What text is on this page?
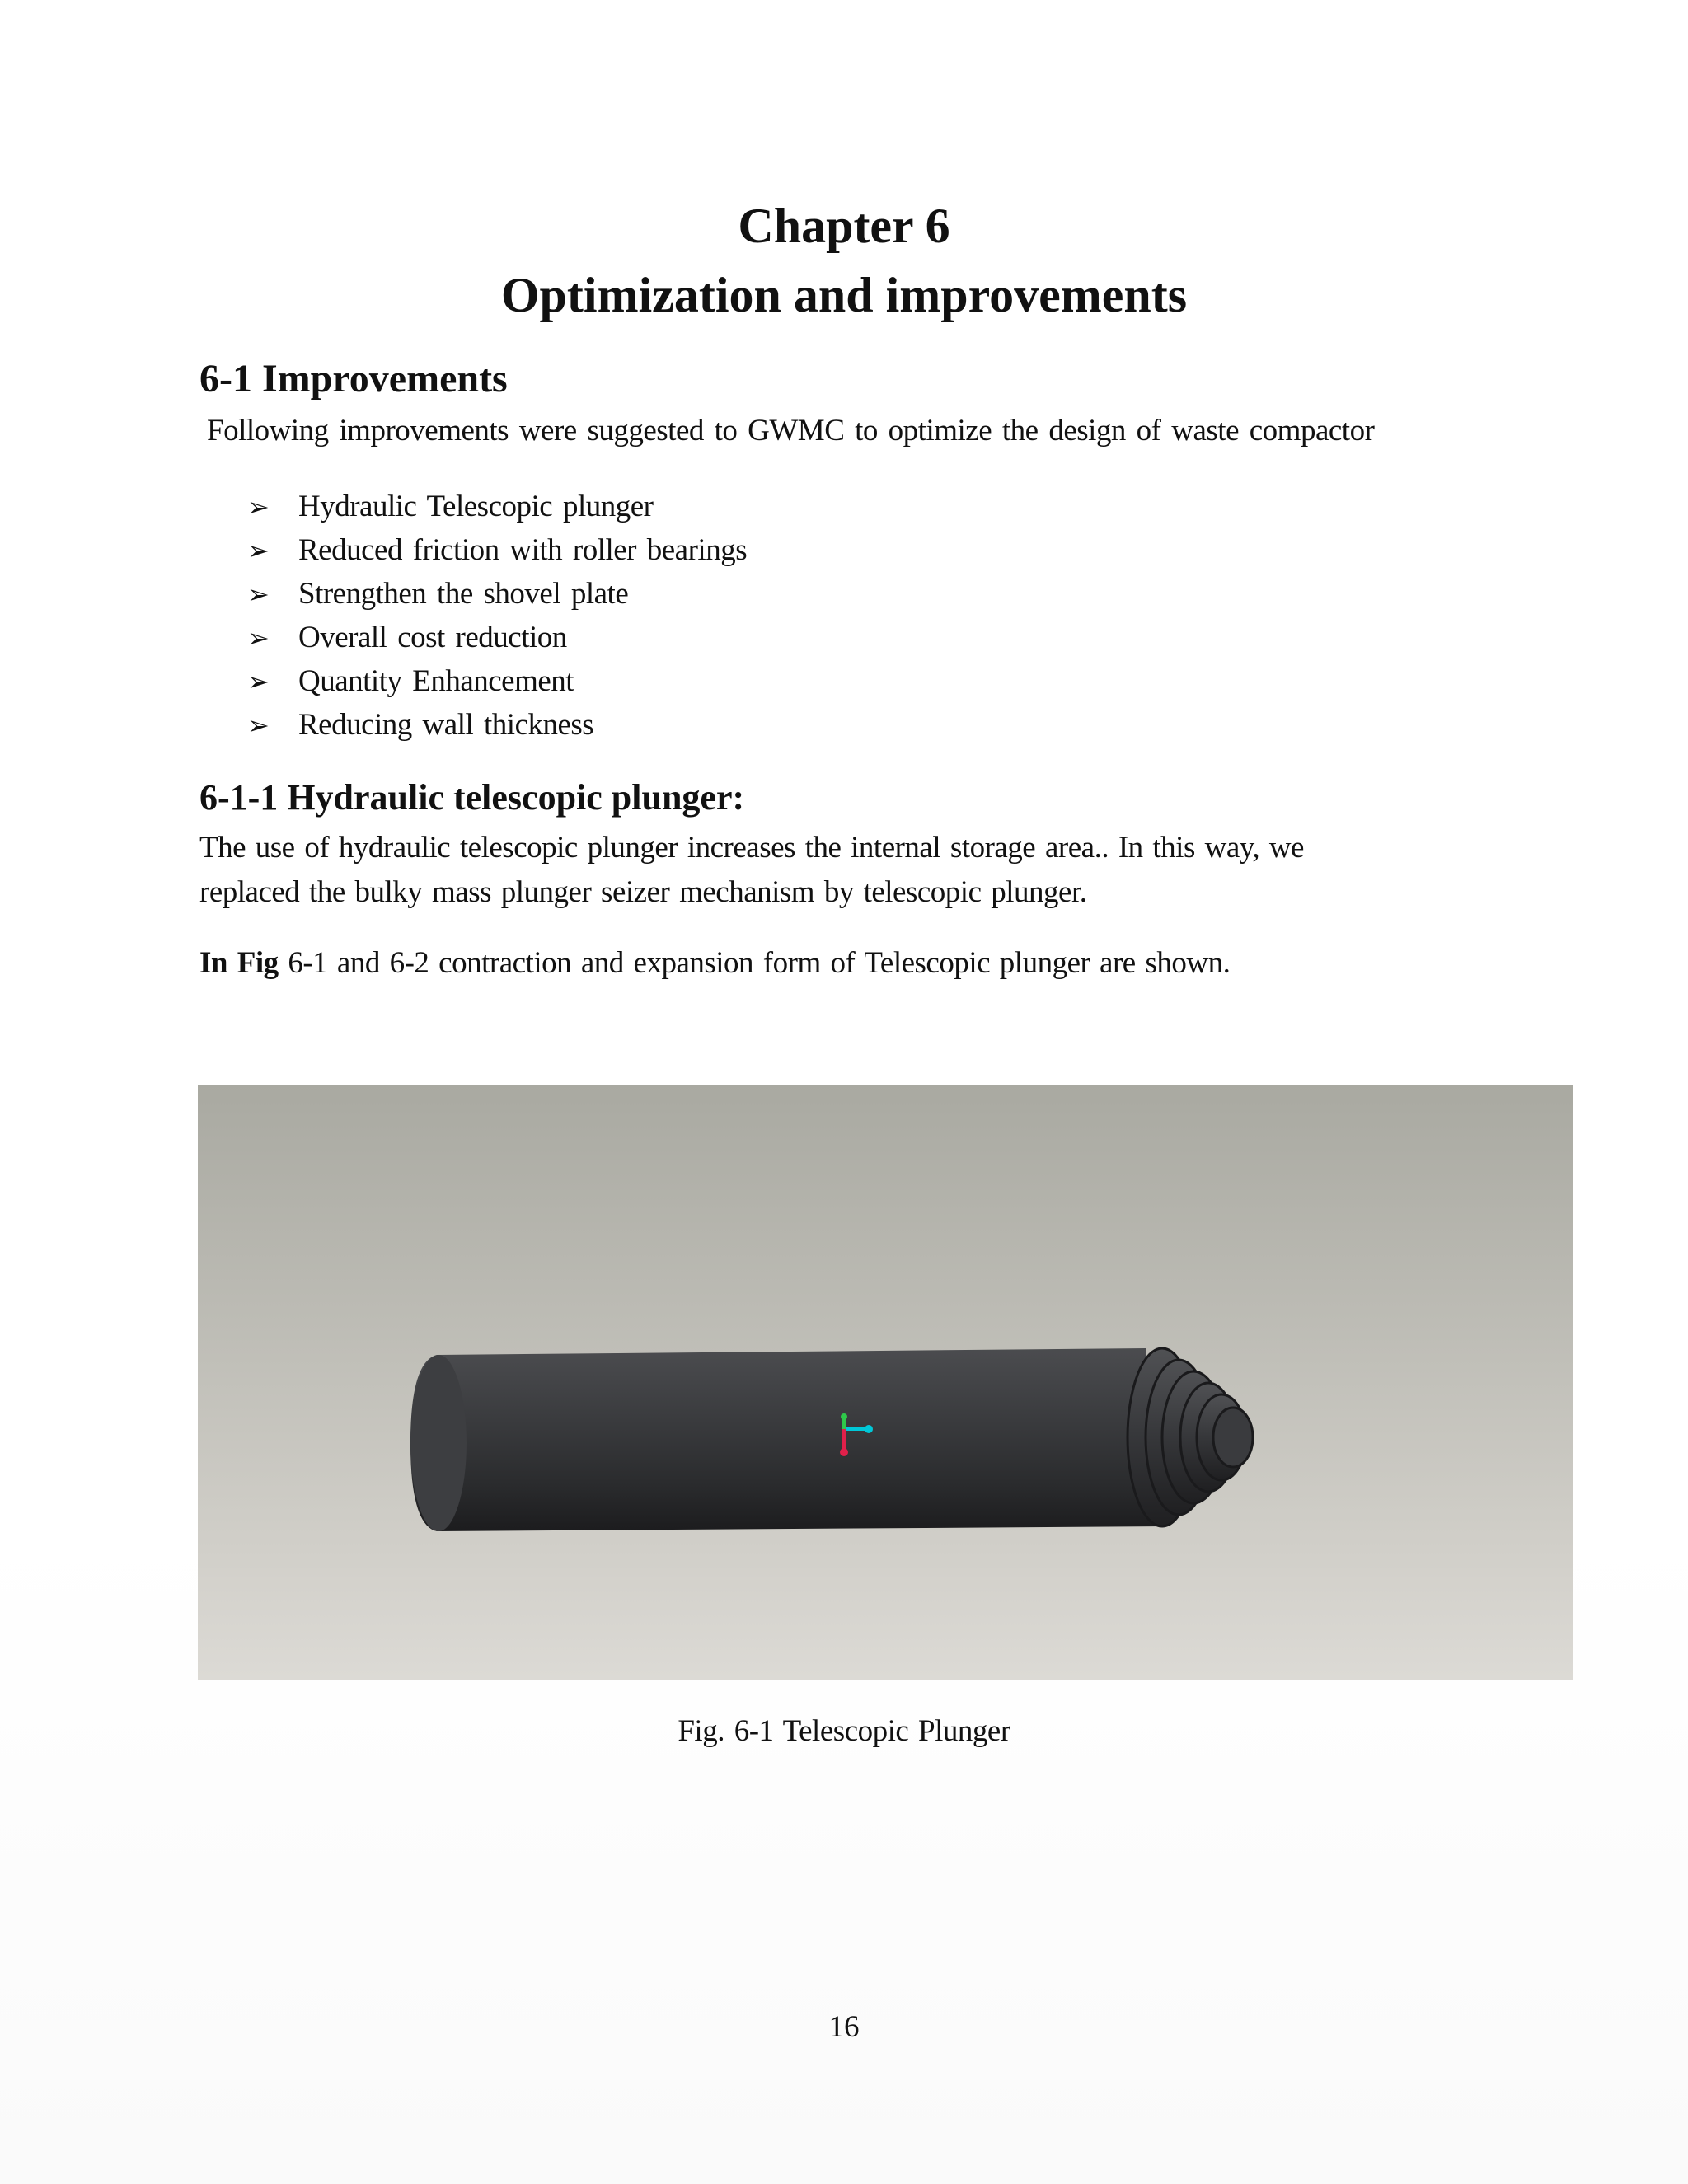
Chapter 6
Optimization and improvements
6-1 Improvements
Following improvements were suggested to GWMC to optimize the design of waste compactor
➢ Hydraulic Telescopic plunger
➢ Reduced friction with roller bearings
➢ Strengthen the shovel plate
➢ Overall cost reduction
➢ Quantity Enhancement
➢ Reducing wall thickness
6-1-1 Hydraulic telescopic plunger:
The use of hydraulic telescopic plunger increases the internal storage area.. In this way, we
replaced the bulky mass plunger seizer mechanism by telescopic plunger.
In Fig 6-1 and 6-2 contraction and expansion form of Telescopic plunger are shown.
Fig. 6-1 Telescopic Plunger
16
